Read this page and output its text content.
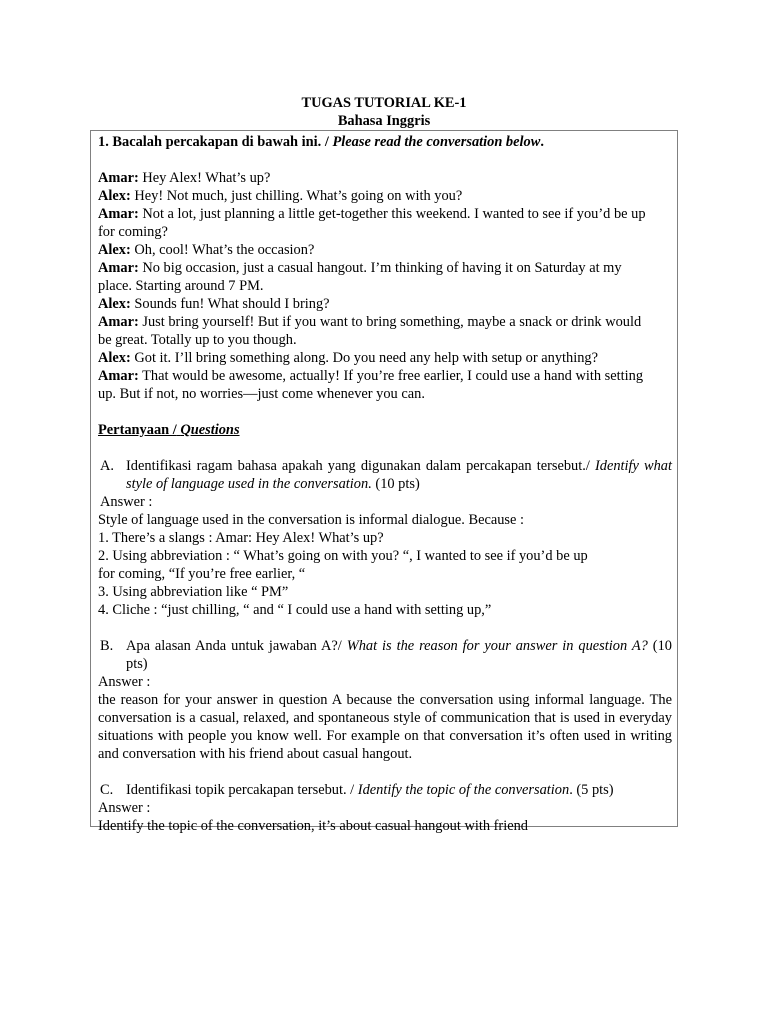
TUGAS TUTORIAL KE-1
Bahasa Inggris
1. Bacalah percakapan di bawah ini. / Please read the conversation below.
Amar: Hey Alex! What’s up?
Alex: Hey! Not much, just chilling. What’s going on with you?
Amar: Not a lot, just planning a little get-together this weekend. I wanted to see if you’d be up
for coming?
Alex: Oh, cool! What’s the occasion?
Amar: No big occasion, just a casual hangout. I’m thinking of having it on Saturday at my
place. Starting around 7 PM.
Alex: Sounds fun! What should I bring?
Amar: Just bring yourself! But if you want to bring something, maybe a snack or drink would
be great. Totally up to you though.
Alex: Got it. I’ll bring something along. Do you need any help with setup or anything?
Amar: That would be awesome, actually! If you’re free earlier, I could use a hand with setting
up. But if not, no worries—just come whenever you can.
Pertanyaan / Questions
A. Identifikasi ragam bahasa apakah yang digunakan dalam percakapan tersebut./ Identify what style of language used in the conversation. (10 pts)
Answer :
Style of language used in the conversation is informal dialogue. Because :
1. There’s a slangs : Amar: Hey Alex! What’s up?
2. Using abbreviation : “ What’s going on with you? “, I wanted to see if you’d be up
for coming, “If you’re free earlier, “
3. Using abbreviation like “ PM”
4. Cliche : “just chilling, “ and “ I could use a hand with setting up,”
B. Apa alasan Anda untuk jawaban A?/ What is the reason for your answer in question A? (10 pts)
Answer :
the reason for your answer in question A because the conversation using informal language. The conversation is a casual, relaxed, and spontaneous style of communication that is used in everyday situations with people you know well. For example on that conversation it’s often used in writing and conversation with his friend about casual hangout.
C. Identifikasi topik percakapan tersebut. / Identify the topic of the conversation. (5 pts)
Answer :
Identify the topic of the conversation, it’s about casual hangout with friend
